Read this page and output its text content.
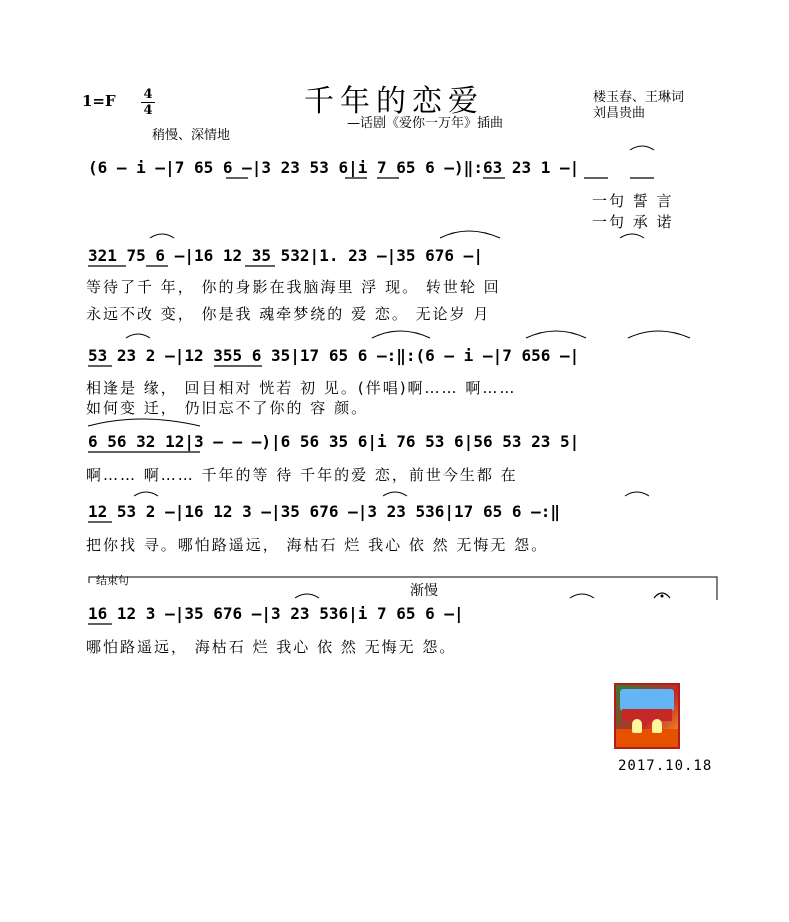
1=F 4
4	千年的恋爱
—话剧《爱你一万年》插曲
稍慢、深情地
楼玉春、王琳词
刘昌贵曲
(6 – i –|7 65 6 –|3 23 53 6|i 7 65 6 –)‖:63 23 1 –|
一句 誓 言
一句 承 诺
321 75 6 –|16 12 35 532|1. 23 –|35 676 –|
等待了千 年， 你的身影在我脑海里 浮 现。 转世轮 回
永远不改 变， 你是我 魂牵梦绕的 爱 恋。 无论岁 月
53 23 2 –|12 355 6 35|17 65 6 –:‖:(6 – i –|7 656 –|
相逢是 缘， 回目相对 恍若 初 见。(伴唱)啊…… 啊……
如何变 迁， 仍旧忘不了你的 容 颜。
6 56 32 12|3 – – –)|6 56 35 6|i 76 53 6|56 53 23 5|
啊…… 啊…… 千年的等 待 千年的爱 恋，前世今生都 在
12 53 2 –|16 12 3 –|35 676 –|3 23 536|17 65 6 –:‖
把你找 寻。哪怕路遥远， 海枯石 烂 我心 依 然 无悔无 怨。
结束句
渐慢
16 12 3 –|35 676 –|3 23 536|i 7 65 6 –|
哪怕路遥远， 海枯石 烂 我心 依 然 无悔无 怨。
2017.10.18
